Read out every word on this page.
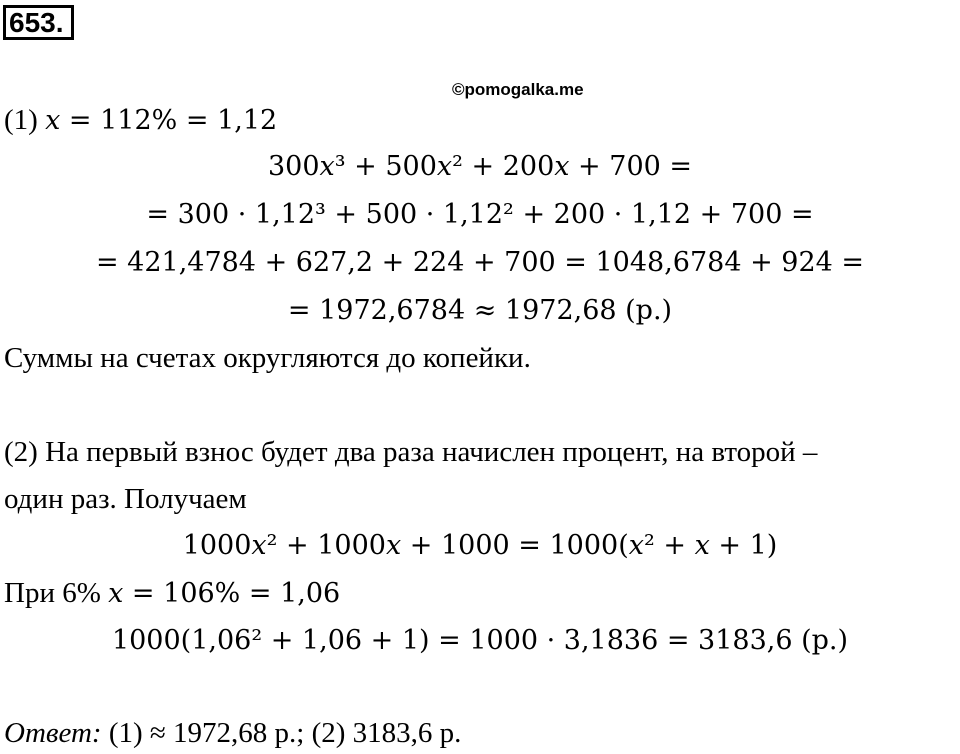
653.
©pomogalka.me
(1) 𝑥 = 112% = 1,12
300𝑥³ + 500𝑥² + 200𝑥 + 700 =
= 300 · 1,12³ + 500 · 1,12² + 200 · 1,12 + 700 =
= 421,4784 + 627,2 + 224 + 700 = 1048,6784 + 924 =
= 1972,6784 ≈ 1972,68 (р.)
Суммы на счетах округляются до копейки.
(2) На первый взнос будет два раза начислен процент, на второй –
один раз. Получаем
1000𝑥² + 1000𝑥 + 1000 = 1000(𝑥² + 𝑥 + 1)
При 6% 𝑥 = 106% = 1,06
1000(1,06² + 1,06 + 1) = 1000 · 3,1836 = 3183,6 (р.)
Ответ: (1) ≈ 1972,68 р.; (2) 3183,6 р.
